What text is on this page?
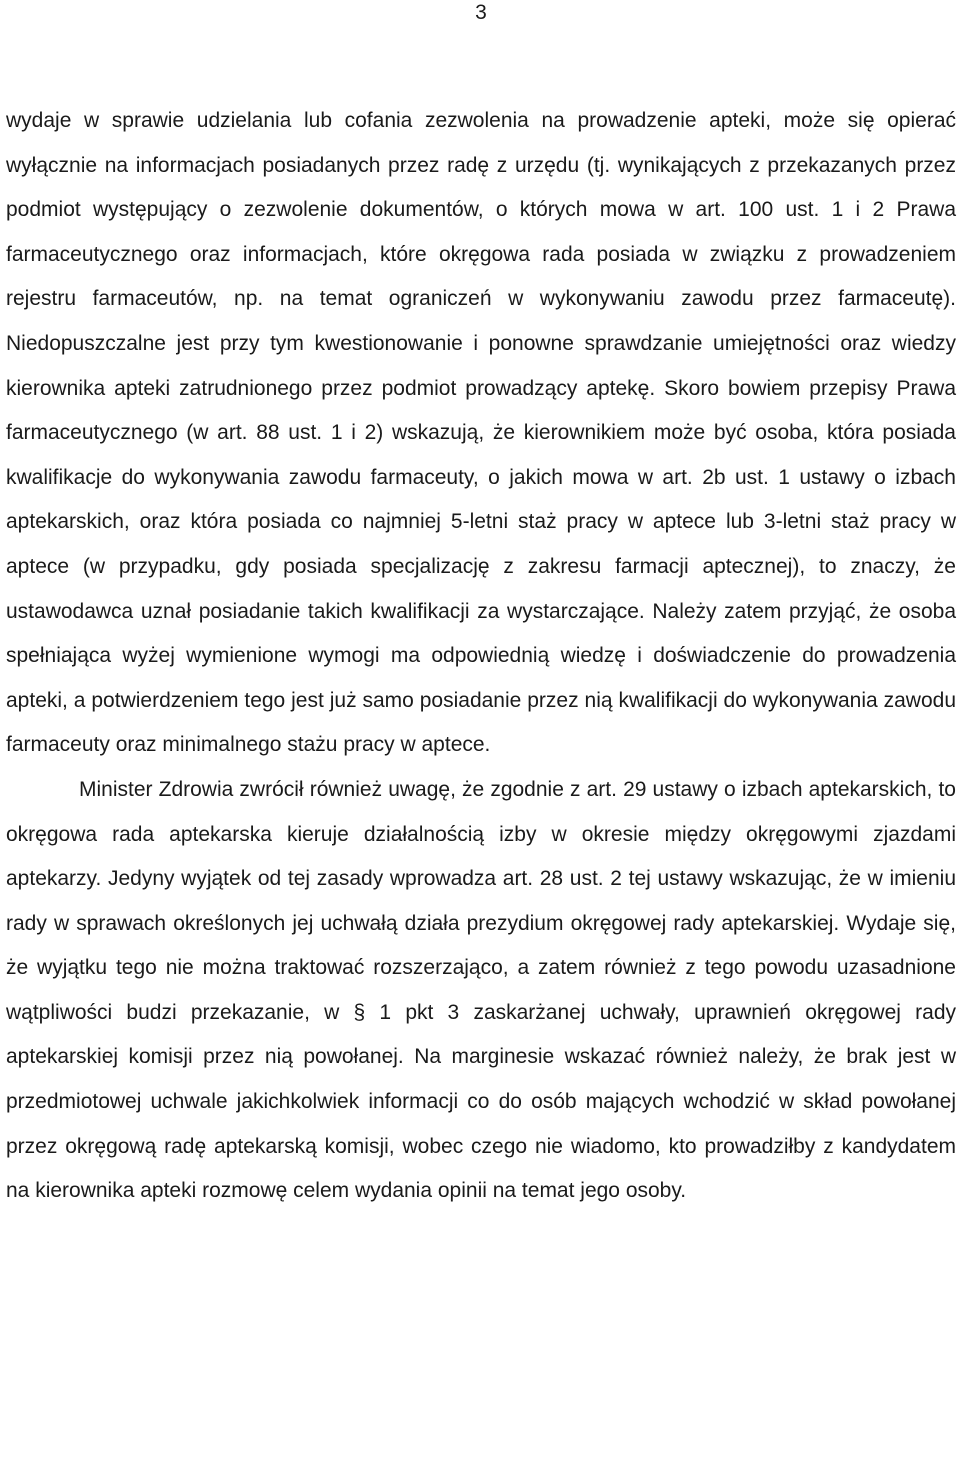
3

wydaje w sprawie udzielania lub cofania zezwolenia na prowadzenie apteki, może się opierać wyłącznie na informacjach posiadanych przez radę z urzędu (tj. wynikających z przekazanych przez podmiot występujący o zezwolenie dokumentów, o których mowa w art. 100 ust. 1 i 2 Prawa farmaceutycznego oraz informacjach, które okręgowa rada posiada w związku z prowadzeniem rejestru farmaceutów, np. na temat ograniczeń w wykonywaniu zawodu przez farmaceutę). Niedopuszczalne jest przy tym kwestionowanie i ponowne sprawdzanie umiejętności oraz wiedzy kierownika apteki zatrudnionego przez podmiot prowadzący aptekę. Skoro bowiem przepisy Prawa farmaceutycznego (w art. 88 ust. 1 i 2) wskazują, że kierownikiem może być osoba, która posiada kwalifikacje do wykonywania zawodu farmaceuty, o jakich mowa w art. 2b ust. 1 ustawy o izbach aptekarskich, oraz która posiada co najmniej 5-letni staż pracy w aptece lub 3-letni staż pracy w aptece (w przypadku, gdy posiada specjalizację z zakresu farmacji aptecznej), to znaczy, że ustawodawca uznał posiadanie takich kwalifikacji za wystarczające. Należy zatem przyjąć, że osoba spełniająca wyżej wymienione wymogi ma odpowiednią wiedzę i doświadczenie do prowadzenia apteki, a potwierdzeniem tego jest już samo posiadanie przez nią kwalifikacji do wykonywania zawodu farmaceuty oraz minimalnego stażu pracy w aptece.

Minister Zdrowia zwrócił również uwagę, że zgodnie z art. 29 ustawy o izbach aptekarskich, to okręgowa rada aptekarska kieruje działalnością izby w okresie między okręgowymi zjazdami aptekarzy. Jedyny wyjątek od tej zasady wprowadza art. 28 ust. 2 tej ustawy wskazując, że w imieniu rady w sprawach określonych jej uchwałą działa prezydium okręgowej rady aptekarskiej. Wydaje się, że wyjątku tego nie można traktować rozszerzająco, a zatem również z tego powodu uzasadnione wątpliwości budzi przekazanie, w § 1 pkt 3 zaskarżanej uchwały, uprawnień okręgowej rady aptekarskiej komisji przez nią powołanej. Na marginesie wskazać również należy, że brak jest w przedmiotowej uchwale jakichkolwiek informacji co do osób mających wchodzić w skład powołanej przez okręgową radę aptekarską komisji, wobec czego nie wiadomo, kto prowadziłby z kandydatem na kierownika apteki rozmowę celem wydania opinii na temat jego osoby.
